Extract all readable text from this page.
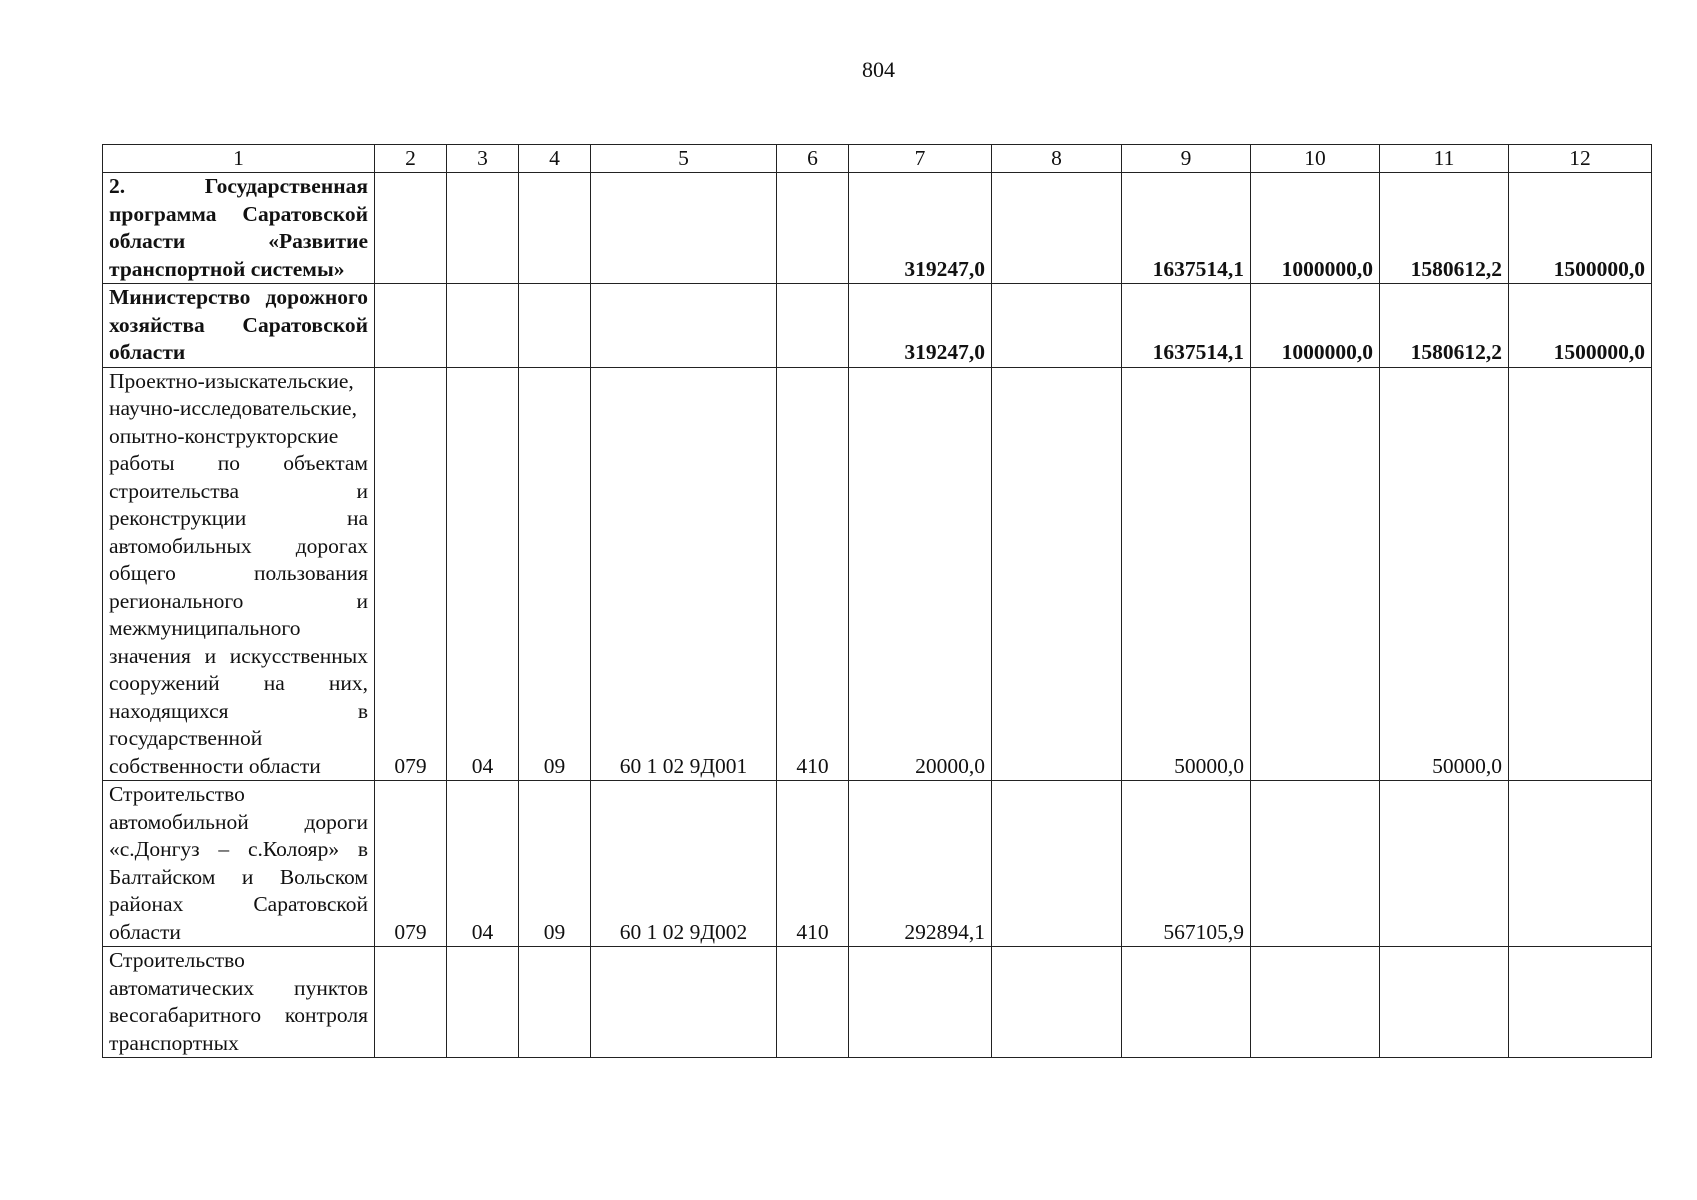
804
1	2	3	4	5	6	7	8	9	10	11	12
2. Государственная программа Саратовской области «Развитие транспортной системы»						319247,0		1637514,1	1000000,0	1580612,2	1500000,0
Министерство дорожного хозяйства Саратовской области						319247,0		1637514,1	1000000,0	1580612,2	1500000,0
Проектно-изыскательские, научно-исследовательские, опытно-конструкторские работы по объектам строительства и реконструкции на автомобильных дорогах общего пользования регионального и межмуниципального значения и искусственных сооружений на них, находящихся в государственной собственности области	079	04	09	60 1 02 9Д001	410	20000,0		50000,0		50000,0	
Строительство автомобильной дороги «с.Донгуз – с.Колояр» в Балтайском и Вольском районах Саратовской области	079	04	09	60 1 02 9Д002	410	292894,1		567105,9			
Строительство автоматических пунктов весогабаритного контроля транспортных											
